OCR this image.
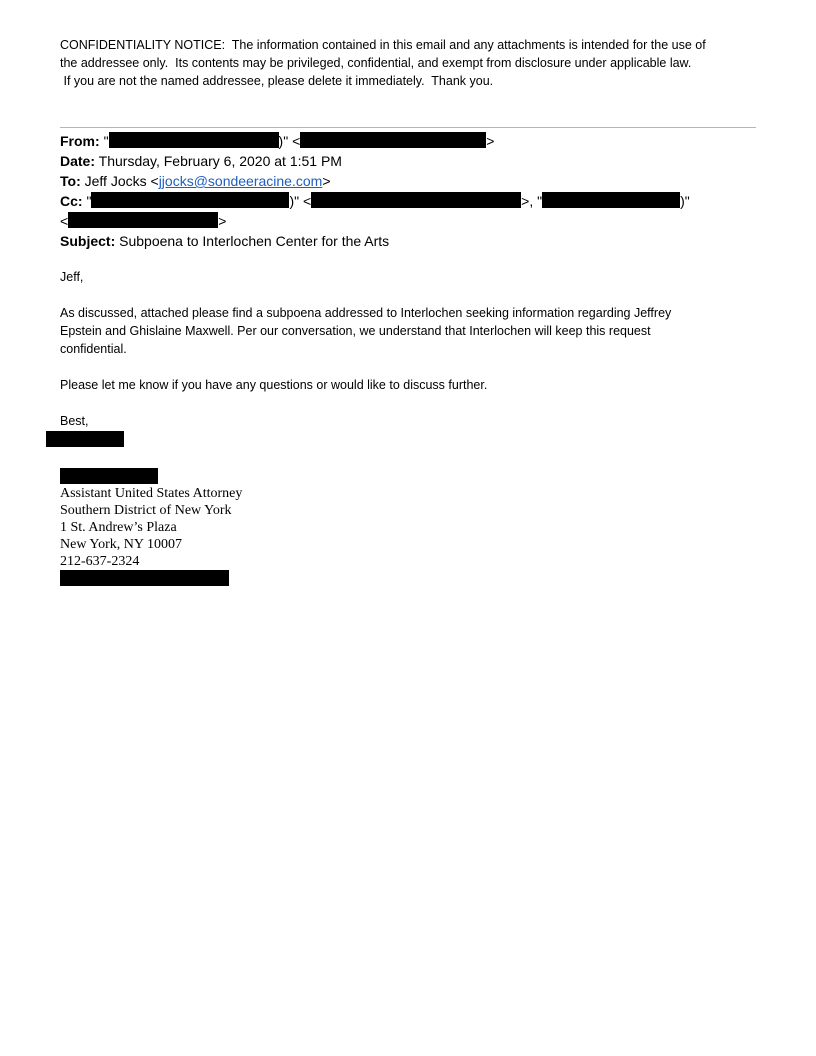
CONFIDENTIALITY NOTICE:  The information contained in this email and any attachments is intended for the use of
the addressee only.  Its contents may be privileged, confidential, and exempt from disclosure under applicable law.
If you are not the named addressee, please delete it immediately.  Thank you.
From: "	)" <	>
Date: Thursday, February 6, 2020 at 1:51 PM
To: Jeff Jocks <jjocks@sondeeracine.com>
Cc: "	)" <	>, "	)"
<	>
Subject: Subpoena to Interlochen Center for the Arts
Jeff,
As discussed, attached please find a subpoena addressed to Interlochen seeking information regarding Jeffrey
Epstein and Ghislaine Maxwell. Per our conversation, we understand that Interlochen will keep this request
confidential.
Please let me know if you have any questions or would like to discuss further.
Best,
Assistant United States Attorney
Southern District of New York
1 St. Andrew’s Plaza
New York, NY 10007
212-637-2324
